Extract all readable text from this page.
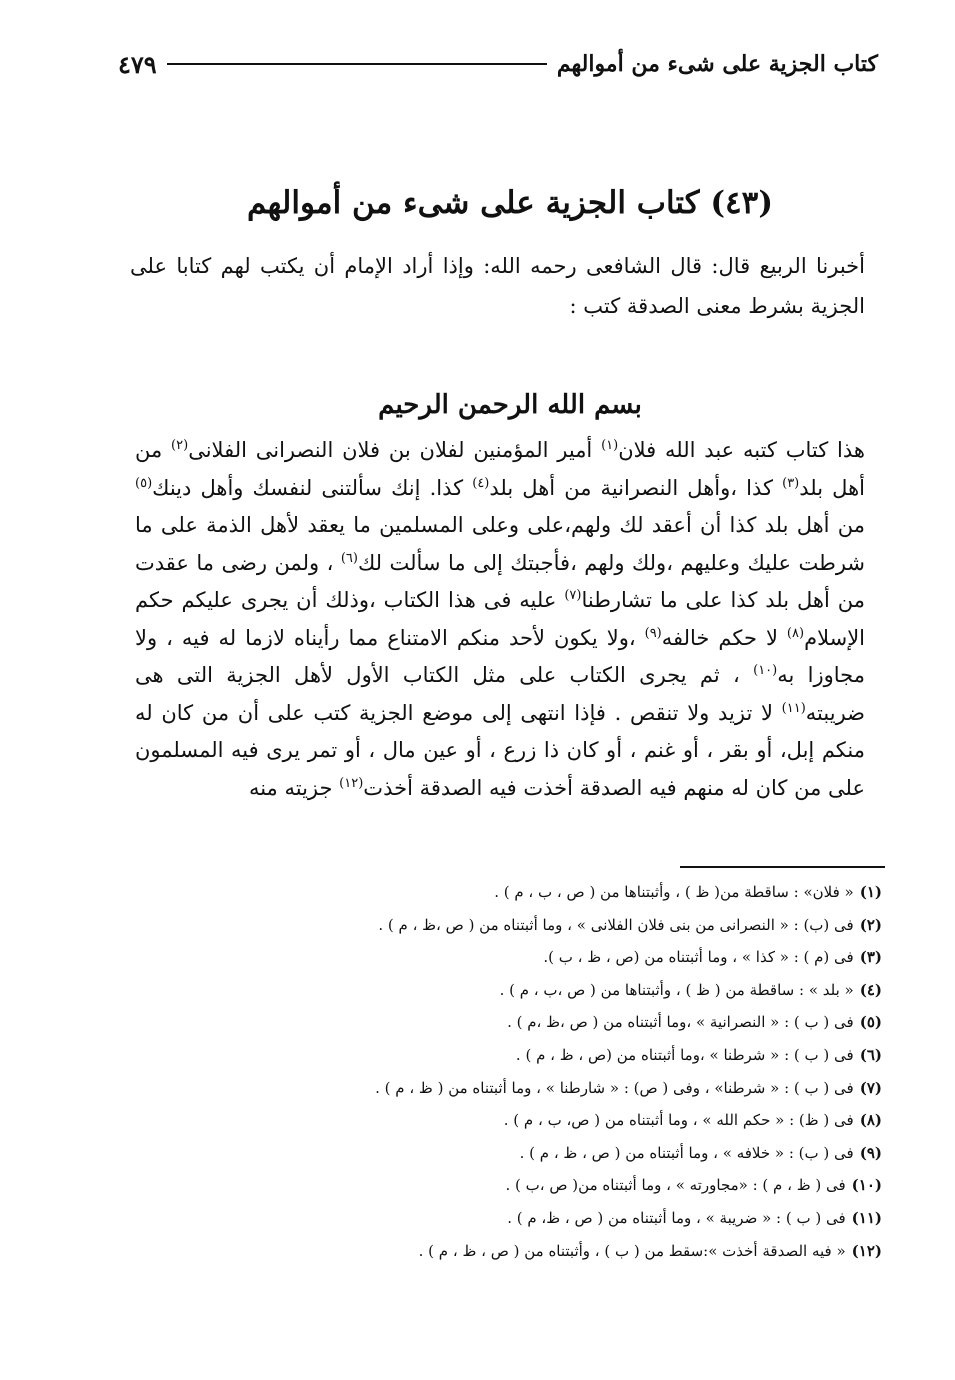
كتاب الجزية على شىء من أموالهم
٤٧٩
(٤٣) كتاب الجزية على شىء من أموالهم

أخبرنا الربيع قال: قال الشافعى رحمه الله: وإذا أراد الإمام أن يكتب لهم كتابا على الجزية بشرط معنى الصدقة كتب :

بسم الله الرحمن الرحيم

هذا كتاب كتبه عبد الله فلان$^{(١)}$ أمير المؤمنين لفلان بن فلان النصرانى الفلانى$^{(٢)}$ من أهل بلد$^{(٣)}$ كذا ،وأهل النصرانية من أهل بلد$^{(٤)}$ كذا. إنك سألتنى لنفسك وأهل دينك$^{(٥)}$ من أهل بلد كذا أن أعقد لك ولهم،على وعلى المسلمين ما يعقد لأهل الذمة على ما شرطت عليك وعليهم ،ولك ولهم ،فأجبتك إلى ما سألت لك$^{(٦)}$ ، ولمن رضى ما عقدت من أهل بلد كذا على ما تشارطنا$^{(٧)}$ عليه فى هذا الكتاب ،وذلك أن يجرى عليكم حكم الإسلام$^{(٨)}$ لا حكم خالفه$^{(٩)}$ ،ولا يكون لأحد منكم الامتناع مما رأيناه لازما له فيه ، ولا مجاوزا به$^{(١٠)}$ ، ثم يجرى الكتاب على مثل الكتاب الأول لأهل الجزية التى هى ضريبته$^{(١١)}$ لا تزيد ولا تنقص . فإذا انتهى إلى موضع الجزية كتب على أن من كان له منكم إبل، أو بقر ، أو غنم ، أو كان ذا زرع ، أو عين مال ، أو تمر يرى فيه المسلمون على من كان له منهم فيه الصدقة أخذت فيه الصدقة أخذت$^{(١٢)}$ جزيته منه

(١)« فلان» : ساقطة من( ظ ) ، وأثبتناها من ( ص ، ب ، م ) .
(٢)فى (ب) : « النصرانى من بنى فلان الفلانى » ، وما أثبتناه من ( ص ،ظ ، م ) .
(٣)فى (م ) : « كذا » ، وما أثبتناه من (ص ، ظ ، ب ).
(٤)« بلد » : ساقطة من ( ظ ) ، وأثبتناها من ( ص ،ب ، م ) .
(٥)فى ( ب ) : « النصرانية » ،وما أثبتناه من ( ص ،ظ ،م ) .
(٦)فى ( ب ) : « شرطنا » ،وما أثبتناه من (ص ، ظ ، م ) .
(٧)فى ( ب ) : « شرطنا» ، وفى ( ص) : « شارطنا » ، وما أثبتناه من ( ظ ، م ) .
(٨)فى ( ظ) : « حكم الله » ، وما أثبتناه من ( ص، ب ، م ) .
(٩)فى ( ب) : « خلافه » ، وما أثبتناه من ( ص ، ظ ، م ) .
(١٠)فى ( ظ ، م ) : «مجاورته » ، وما أثبتناه من( ص ،ب ) .
(١١)فى ( ب ) : « ضريبة » ، وما أثبتناه من ( ص ، ظ، م ) .
(١٢)« فيه الصدقة أخذت »:سقط من ( ب ) ، وأثبتناه من ( ص ، ظ ، م ) .
